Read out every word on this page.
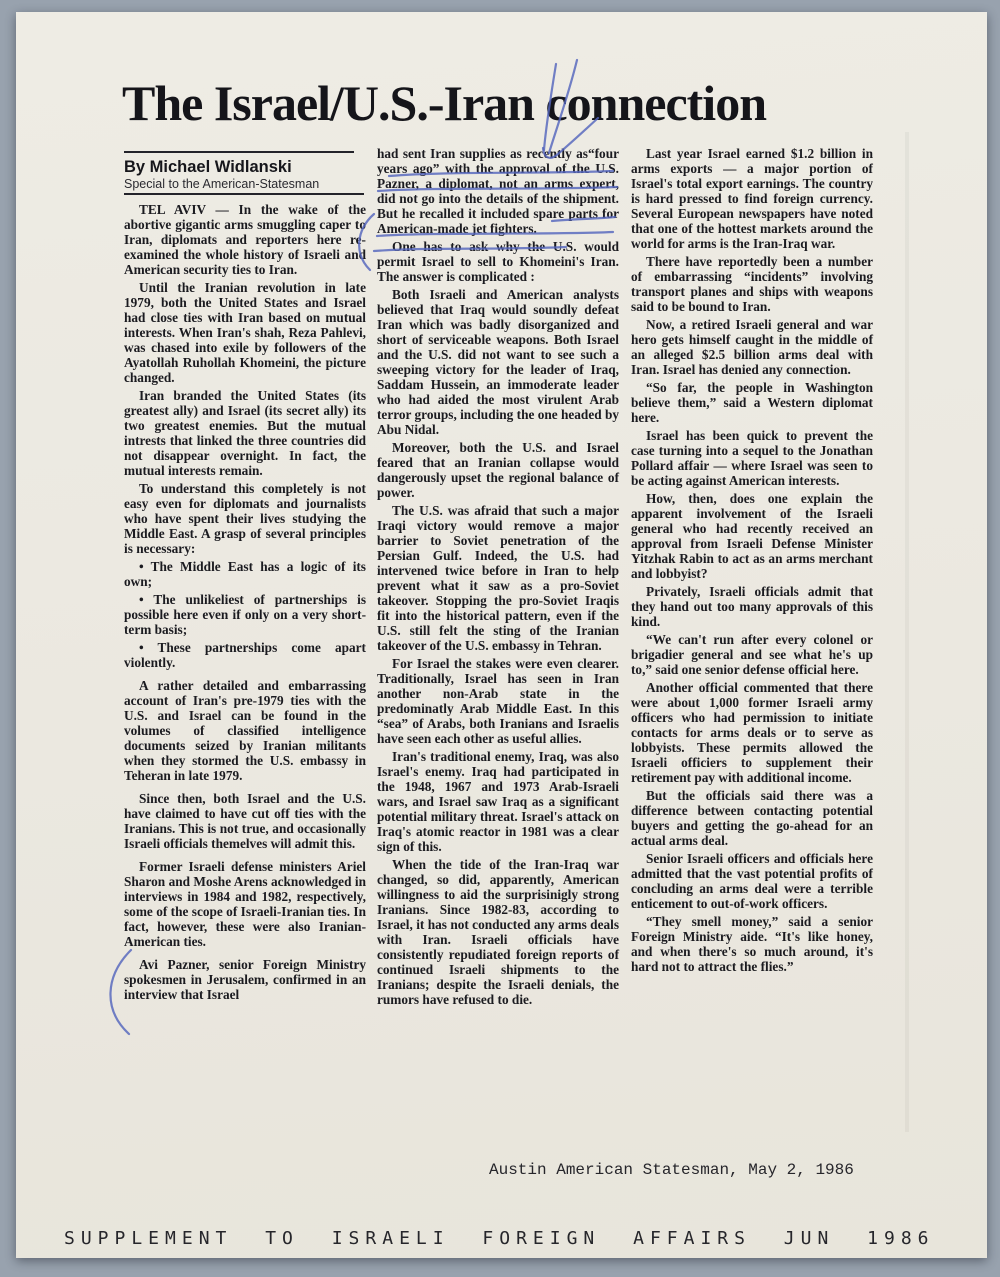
The Israel/U.S.-Iran connection
By Michael Widlanski
Special to the American-Statesman

TEL AVIV — In the wake of the abortive gigantic arms smuggling caper to Iran, diplomats and reporters here re-examined the whole history of Israeli and American security ties to Iran.

Until the Iranian revolution in late 1979, both the United States and Israel had close ties with Iran based on mutual interests. When Iran's shah, Reza Pahlevi, was chased into exile by followers of the Ayatollah Ruhollah Khomeini, the picture changed.

Iran branded the United States (its greatest ally) and Israel (its secret ally) its two greatest enemies. But the mutual intrests that linked the three countries did not disappear overnight. In fact, the mutual interests remain.

To understand this completely is not easy even for diplomats and journalists who have spent their lives studying the Middle East. A grasp of several principles is necessary:

• The Middle East has a logic of its own;

• The unlikeliest of partnerships is possible here even if only on a very short-term basis;

• These partnerships come apart violently.

A rather detailed and embarrassing account of Iran's pre-1979 ties with the U.S. and Israel can be found in the volumes of classified intelligence documents seized by Iranian militants when they stormed the U.S. embassy in Teheran in late 1979.

Since then, both Israel and the U.S. have claimed to have cut off ties with the Iranians. This is not true, and occasionally Israeli officials themelves will admit this.

Former Israeli defense ministers Ariel Sharon and Moshe Arens acknowledged in interviews in 1984 and 1982, respectively, some of the scope of Israeli-Iranian ties. In fact, however, these were also Iranian-American ties.

Avi Pazner, senior Foreign Ministry spokesmen in Jerusalem, confirmed in an interview that Israel

had sent Iran supplies as recently as“four years ago” with the approval of the U.S. Pazner, a diplomat, not an arms expert, did not go into the details of the shipment. But he recalled it included spare parts for American-made jet fighters.

One has to ask why the U.S. would permit Israel to sell to Khomeini's Iran. The answer is complicated :

Both Israeli and American analysts believed that Iraq would soundly defeat Iran which was badly disorganized and short of serviceable weapons. Both Israel and the U.S. did not want to see such a sweeping victory for the leader of Iraq, Saddam Hussein, an immoderate leader who had aided the most virulent Arab terror groups, including the one headed by Abu Nidal.

Moreover, both the U.S. and Israel feared that an Iranian collapse would dangerously upset the regional balance of power.

The U.S. was afraid that such a major Iraqi victory would remove a major barrier to Soviet penetration of the Persian Gulf. Indeed, the U.S. had intervened twice before in Iran to help prevent what it saw as a pro-Soviet takeover. Stopping the pro-Soviet Iraqis fit into the historical pattern, even if the U.S. still felt the sting of the Iranian takeover of the U.S. embassy in Tehran.

For Israel the stakes were even clearer. Traditionally, Israel has seen in Iran another non-Arab state in the predominatly Arab Middle East. In this “sea” of Arabs, both Iranians and Israelis have seen each other as useful allies.

Iran's traditional enemy, Iraq, was also Israel's enemy. Iraq had participated in the 1948, 1967 and 1973 Arab-Israeli wars, and Israel saw Iraq as a significant potential military threat. Israel's attack on Iraq's atomic reactor in 1981 was a clear sign of this.

When the tide of the Iran-Iraq war changed, so did, apparently, American willingness to aid the surprisinigly strong Iranians. Since 1982-83, according to Israel, it has not conducted any arms deals with Iran. Israeli officials have consistently repudiated foreign reports of continued Israeli shipments to the Iranians; despite the Israeli denials, the rumors have refused to die.

Last year Israel earned $1.2 billion in arms exports — a major portion of Israel's total export earnings. The country is hard pressed to find foreign currency. Several European newspapers have noted that one of the hottest markets around the world for arms is the Iran-Iraq war.

There have reportedly been a number of embarrassing “incidents” involving transport planes and ships with weapons said to be bound to Iran.

Now, a retired Israeli general and war hero gets himself caught in the middle of an alleged $2.5 billion arms deal with Iran. Israel has denied any connection.

“So far, the people in Washington believe them,” said a Western diplomat here.

Israel has been quick to prevent the case turning into a sequel to the Jonathan Pollard affair — where Israel was seen to be acting against American interests.

How, then, does one explain the apparent involvement of the Israeli general who had recently received an approval from Israeli Defense Minister Yitzhak Rabin to act as an arms merchant and lobbyist?

Privately, Israeli officials admit that they hand out too many approvals of this kind.

“We can't run after every colonel or brigadier general and see what he's up to,” said one senior defense official here.

Another official commented that there were about 1,000 former Israeli army officers who had permission to initiate contacts for arms deals or to serve as lobbyists. These permits allowed the Israeli officiers to supplement their retirement pay with additional income.

But the officials said there was a difference between contacting potential buyers and getting the go-ahead for an actual arms deal.

Senior Israeli officers and officials here admitted that the vast potential profits of concluding an arms deal were a terrible enticement to out-of-work officers.

“They smell money,” said a senior Foreign Ministry aide. “It's like honey, and when there's so much around, it's hard not to attract the flies.”

Austin American Statesman, May 2, 1986
SUPPLEMENT TO ISRAELI FOREIGN AFFAIRS JUN 1986
